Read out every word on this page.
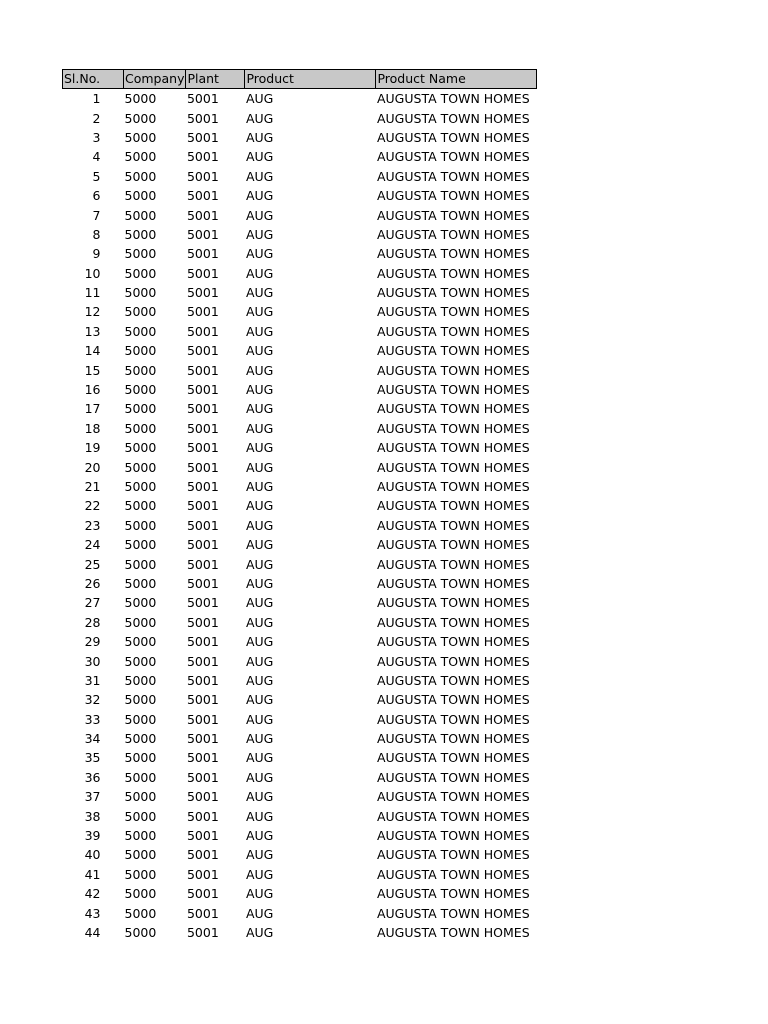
Sl.No.	Company	Plant	Product	Product Name
1	5000	5001	AUG	AUGUSTA TOWN HOMES
2	5000	5001	AUG	AUGUSTA TOWN HOMES
3	5000	5001	AUG	AUGUSTA TOWN HOMES
4	5000	5001	AUG	AUGUSTA TOWN HOMES
5	5000	5001	AUG	AUGUSTA TOWN HOMES
6	5000	5001	AUG	AUGUSTA TOWN HOMES
7	5000	5001	AUG	AUGUSTA TOWN HOMES
8	5000	5001	AUG	AUGUSTA TOWN HOMES
9	5000	5001	AUG	AUGUSTA TOWN HOMES
10	5000	5001	AUG	AUGUSTA TOWN HOMES
11	5000	5001	AUG	AUGUSTA TOWN HOMES
12	5000	5001	AUG	AUGUSTA TOWN HOMES
13	5000	5001	AUG	AUGUSTA TOWN HOMES
14	5000	5001	AUG	AUGUSTA TOWN HOMES
15	5000	5001	AUG	AUGUSTA TOWN HOMES
16	5000	5001	AUG	AUGUSTA TOWN HOMES
17	5000	5001	AUG	AUGUSTA TOWN HOMES
18	5000	5001	AUG	AUGUSTA TOWN HOMES
19	5000	5001	AUG	AUGUSTA TOWN HOMES
20	5000	5001	AUG	AUGUSTA TOWN HOMES
21	5000	5001	AUG	AUGUSTA TOWN HOMES
22	5000	5001	AUG	AUGUSTA TOWN HOMES
23	5000	5001	AUG	AUGUSTA TOWN HOMES
24	5000	5001	AUG	AUGUSTA TOWN HOMES
25	5000	5001	AUG	AUGUSTA TOWN HOMES
26	5000	5001	AUG	AUGUSTA TOWN HOMES
27	5000	5001	AUG	AUGUSTA TOWN HOMES
28	5000	5001	AUG	AUGUSTA TOWN HOMES
29	5000	5001	AUG	AUGUSTA TOWN HOMES
30	5000	5001	AUG	AUGUSTA TOWN HOMES
31	5000	5001	AUG	AUGUSTA TOWN HOMES
32	5000	5001	AUG	AUGUSTA TOWN HOMES
33	5000	5001	AUG	AUGUSTA TOWN HOMES
34	5000	5001	AUG	AUGUSTA TOWN HOMES
35	5000	5001	AUG	AUGUSTA TOWN HOMES
36	5000	5001	AUG	AUGUSTA TOWN HOMES
37	5000	5001	AUG	AUGUSTA TOWN HOMES
38	5000	5001	AUG	AUGUSTA TOWN HOMES
39	5000	5001	AUG	AUGUSTA TOWN HOMES
40	5000	5001	AUG	AUGUSTA TOWN HOMES
41	5000	5001	AUG	AUGUSTA TOWN HOMES
42	5000	5001	AUG	AUGUSTA TOWN HOMES
43	5000	5001	AUG	AUGUSTA TOWN HOMES
44	5000	5001	AUG	AUGUSTA TOWN HOMES
